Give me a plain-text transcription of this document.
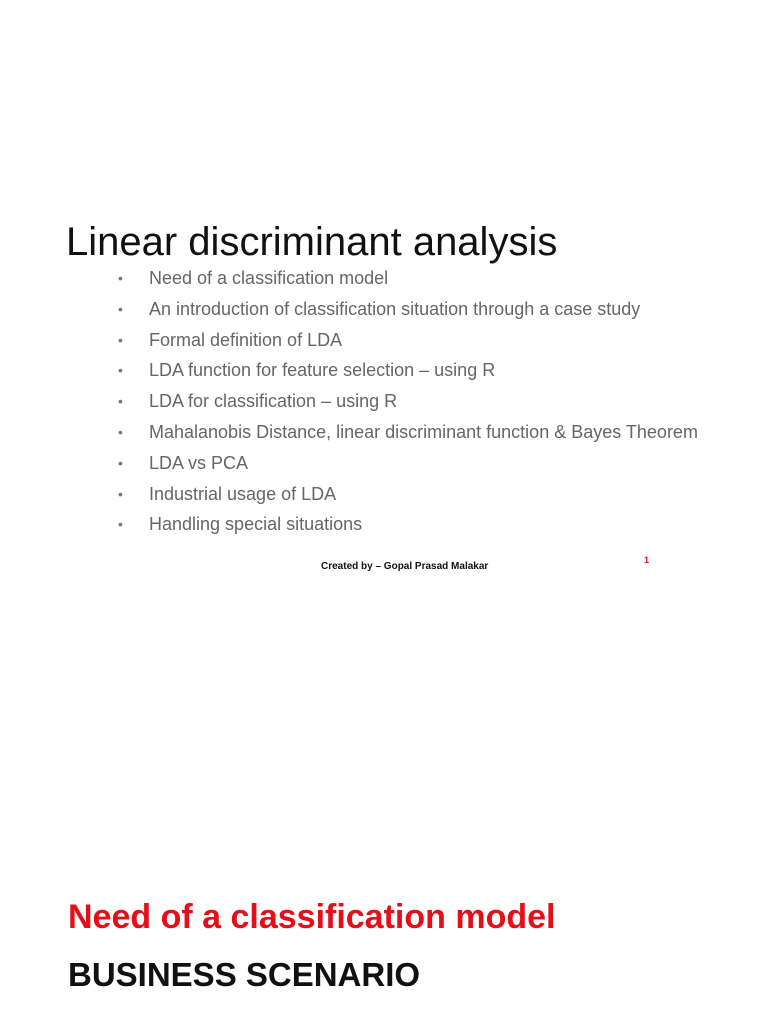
Linear discriminant analysis
• Need of a classification model
• An introduction of classification situation through a case study
• Formal definition of LDA
• LDA function for feature selection – using R
• LDA for classification – using R
• Mahalanobis Distance, linear discriminant function & Bayes Theorem
• LDA vs PCA
• Industrial usage of LDA
• Handling special situations
Created by – Gopal Prasad Malakar
1
Need of a classification model
BUSINESS SCENARIO
